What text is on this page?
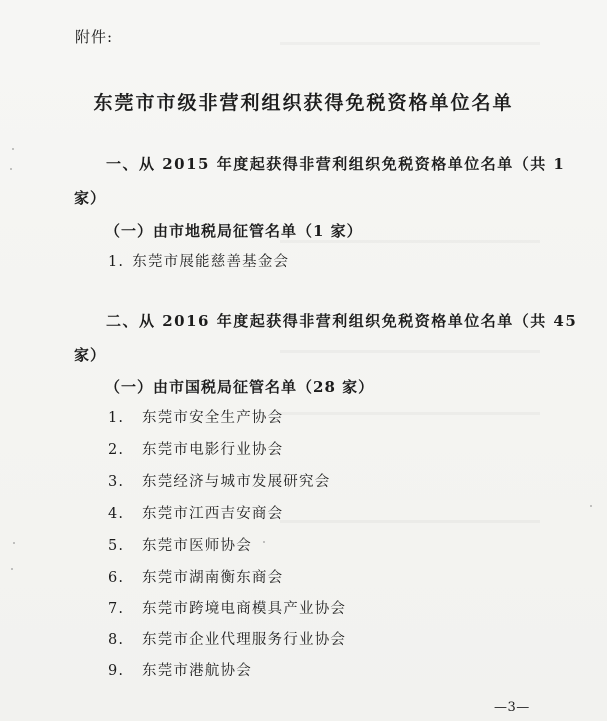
附件:
东莞市市级非营利组织获得免税资格单位名单
一、从 2015 年度起获得非营利组织免税资格单位名单（共 1
家）
（一）由市地税局征管名单（1 家）
1. 东莞市展能慈善基金会
二、从 2016 年度起获得非营利组织免税资格单位名单（共 45
家）
（一）由市国税局征管名单（28 家）
1. 东莞市安全生产协会
2. 东莞市电影行业协会
3. 东莞经济与城市发展研究会
4. 东莞市江西吉安商会
5. 东莞市医师协会
6. 东莞市湖南衡东商会
7. 东莞市跨境电商模具产业协会
8. 东莞市企业代理服务行业协会
9. 东莞市港航协会
—3—
